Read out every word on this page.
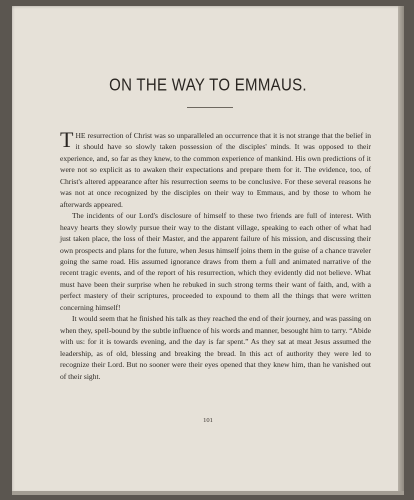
ON THE WAY TO EMMAUS.

THE resurrection of Christ was so unparalleled an occurrence that it is not strange that the belief in it should have so slowly taken possession of the disciples' minds. It was opposed to their experience, and, so far as they knew, to the common experience of mankind. His own predictions of it were not so explicit as to awaken their expectations and prepare them for it. The evidence, too, of Christ's altered appearance after his resurrection seems to be conclusive. For these several reasons he was not at once recognized by the disciples on their way to Emmaus, and by those to whom he afterwards appeared.

The incidents of our Lord's disclosure of himself to these two friends are full of interest. With heavy hearts they slowly pursue their way to the distant village, speaking to each other of what had just taken place, the loss of their Master, and the apparent failure of his mission, and discussing their own prospects and plans for the future, when Jesus himself joins them in the guise of a chance traveler going the same road. His assumed ignorance draws from them a full and animated narrative of the recent tragic events, and of the report of his resurrection, which they evidently did not believe. What must have been their surprise when he rebuked in such strong terms their want of faith, and, with a perfect mastery of their scriptures, proceeded to expound to them all the things that were written concerning himself!

It would seem that he finished his talk as they reached the end of their journey, and was passing on when they, spell-bound by the subtle influence of his words and manner, besought him to tarry. “Abide with us: for it is towards evening, and the day is far spent.” As they sat at meat Jesus assumed the leadership, as of old, blessing and breaking the bread. In this act of authority they were led to recognize their Lord. But no sooner were their eyes opened that they knew him, than he vanished out of their sight.

101
